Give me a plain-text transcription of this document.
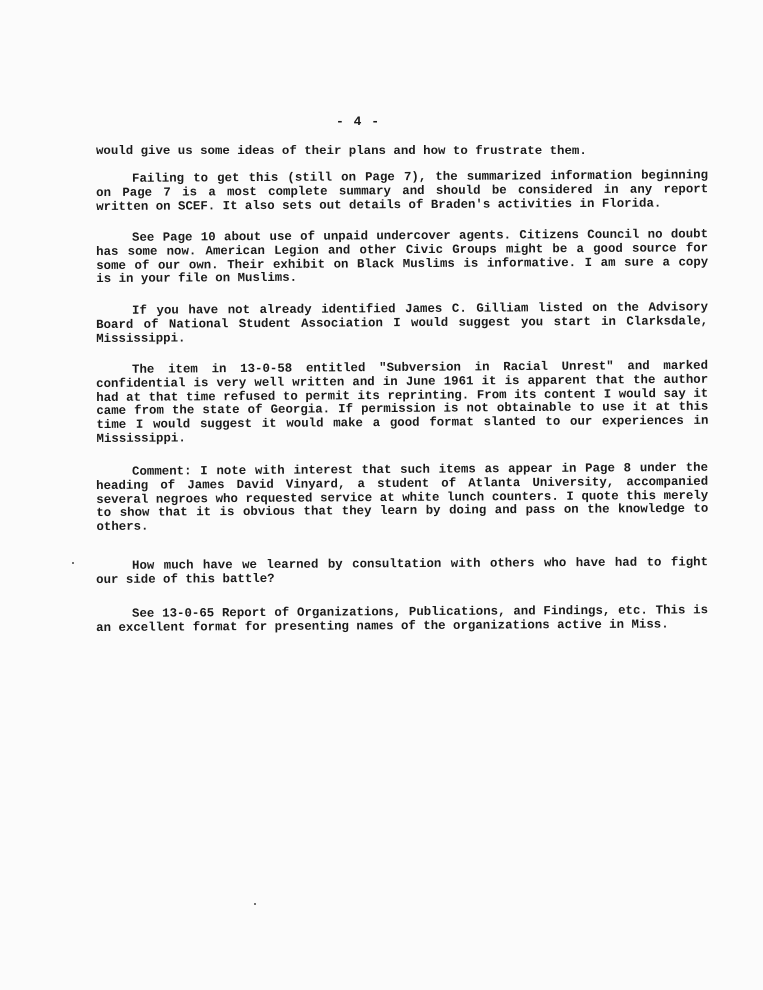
- 4 -

would give us some ideas of their plans and how to frustrate them.

Failing to get this (still on Page 7), the summarized information beginning on Page 7 is a most complete summary and should be considered in any report written on SCEF. It also sets out details of Braden's activities in Florida.

See Page 10 about use of unpaid undercover agents. Citizens Council no doubt has some now. American Legion and other Civic Groups might be a good source for some of our own. Their exhibit on Black Muslims is informative. I am sure a copy is in your file on Muslims.

If you have not already identified James C. Gilliam listed on the Advisory Board of National Student Association I would suggest you start in Clarksdale, Mississippi.

The item in 13-0-58 entitled "Subversion in Racial Unrest" and marked confidential is very well written and in June 1961 it is apparent that the author had at that time refused to permit its reprinting. From its content I would say it came from the state of Georgia. If permission is not obtainable to use it at this time I would suggest it would make a good format slanted to our experiences in Mississippi.

Comment: I note with interest that such items as appear in Page 8 under the heading of James David Vinyard, a student of Atlanta University, accompanied several negroes who requested service at white lunch counters. I quote this merely to show that it is obvious that they learn by doing and pass on the knowledge to others.

How much have we learned by consultation with others who have had to fight our side of this battle?

See 13-0-65 Report of Organizations, Publications, and Findings, etc. This is an excellent format for presenting names of the organizations active in Miss.
